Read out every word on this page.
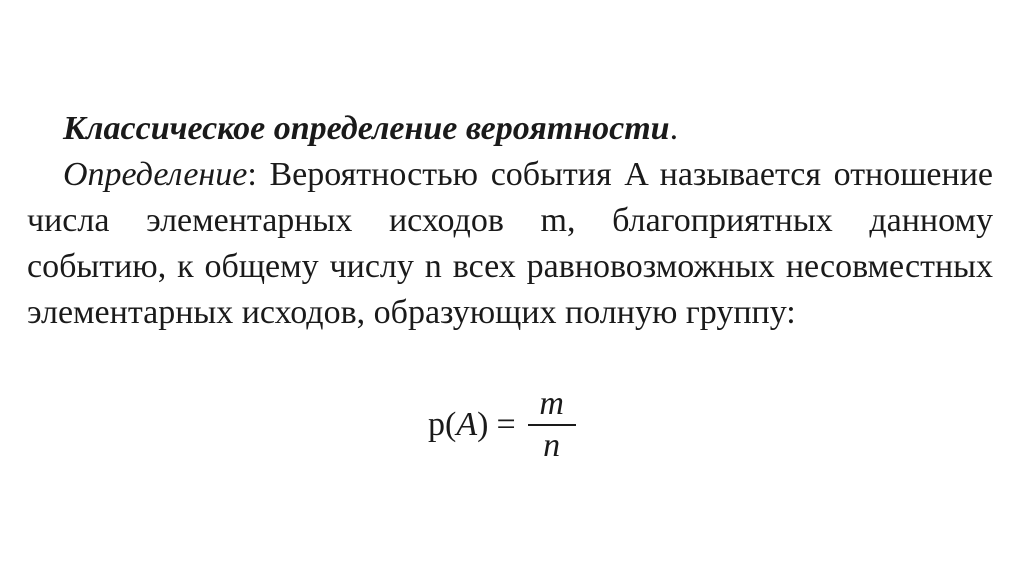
Классическое определение вероятности.
Определение: Вероятностью события A называется отношение числа элементарных исходов m, благоприятных данному событию, к общему числу n всех равновозможных несовместных элементарных исходов, образующих полную группу:
p ( A ) = $\frac{m}{n}$
